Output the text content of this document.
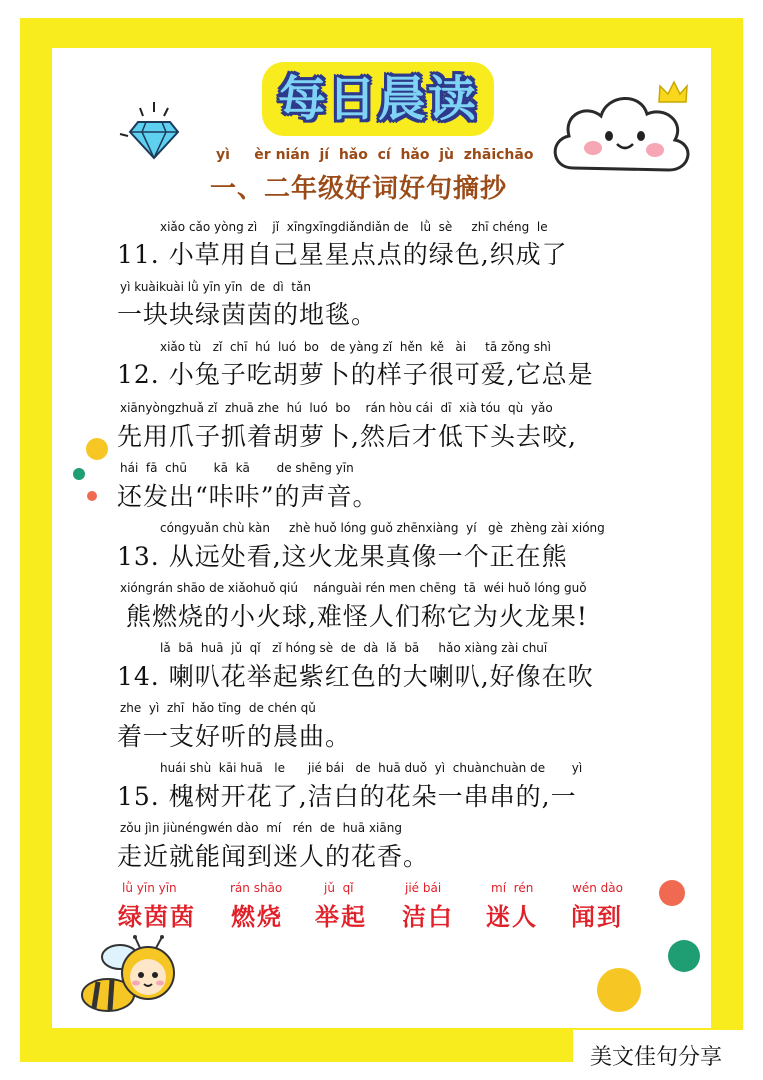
每日晨读
yì     èr nián  jí  hǎo  cí  hǎo  jù  zhāichāo
一、二年级好词好句摘抄
xiǎo cǎo yòng zì    jǐ  xīngxīngdiǎndiǎn de   lǜ  sè     zhī chéng  le
11. 小草用自己星星点点的绿色,织成了
yì kuàikuài lǜ yīn yīn  de  dì  tǎn
一块块绿茵茵的地毯。
xiǎo tù   zǐ  chī  hú  luó  bo   de yàng zǐ  hěn  kě   ài     tā zǒng shì
12. 小兔子吃胡萝卜的样子很可爱,它总是
xiānyòngzhuǎ zǐ  zhuā zhe  hú  luó  bo    rán hòu cái  dī  xià tóu  qù  yǎo
先用爪子抓着胡萝卜,然后才低下头去咬,
hái  fā  chū       kā  kā       de shēng yīn
还发出“咔咔”的声音。
cóngyuǎn chù kàn     zhè huǒ lóng guǒ zhēnxiàng  yí   gè  zhèng zài xióng
13. 从远处看,这火龙果真像一个正在熊
xióngrán shāo de xiǎohuǒ qiú    nánguài rén men chēng  tā  wéi huǒ lóng guǒ
熊燃烧的小火球,难怪人们称它为火龙果!
lǎ  bā  huā  jǔ  qǐ   zǐ hóng sè  de  dà  lǎ  bā     hǎo xiàng zài chuī
14. 喇叭花举起紫红色的大喇叭,好像在吹
zhe  yì  zhī  hǎo tīng  de chén qǔ
着一支好听的晨曲。
huái shù  kāi huā   le      jié bái   de  huā duǒ  yì  chuànchuàn de       yì
15. 槐树开花了,洁白的花朵一串串的,一
zǒu jìn jiùnéngwén dào  mí   rén  de  huā xiāng
走近就能闻到迷人的花香。
lǜ yīn yīn
绿茵茵
rán shāo
燃烧
jǔ  qǐ
举起
jié bái
洁白
mí  rén
迷人
wén dào
闻到
美文佳句分享
